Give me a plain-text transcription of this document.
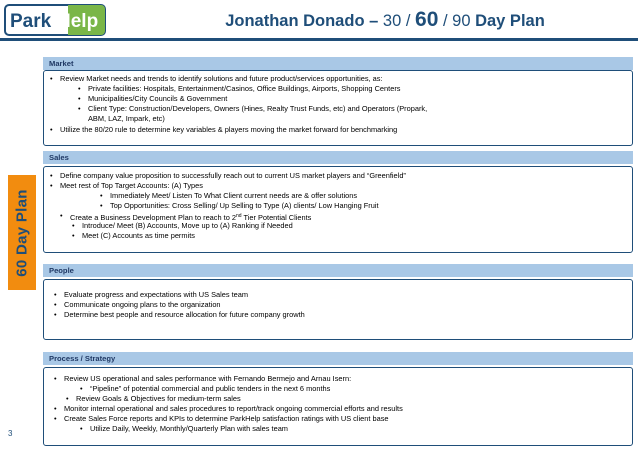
Park Help	Jonathan Donado – 30 / 60 / 90 Day Plan
60 Day Plan
Market
• Review Market needs and trends to identify solutions and future product/services opportunities, as:
• Private facilities: Hospitals, Entertainment/Casinos, Office Buildings, Airports, Shopping Centers
• Municipalities/City Councils & Government
• Client Type: Construction/Developers, Owners (Hines, Realty Trust Funds, etc) and Operators (Propark,
ABM, LAZ, Impark, etc)
• Utilize the 80/20 rule to determine key variables & players moving the market forward for benchmarking
Sales
• Define company value proposition to successfully reach out to current US market players and “Greenfield”
• Meet rest of Top Target Accounts: (A) Types
• Immediately Meet/ Listen To What Client current needs are & offer solutions
• Top Opportunities: Cross Selling/ Up Selling to Type (A) clients/ Low Hanging Fruit
• Create a Business Development Plan to reach to 2nd Tier Potential Clients
• Introduce/ Meet (B) Accounts, Move up to (A) Ranking if Needed
• Meet (C) Accounts as time permits
People
• Evaluate progress and expectations with US Sales team
• Communicate ongoing plans to the organization
• Determine best people and resource allocation for future company growth
Process / Strategy
• Review US operational and sales performance with Fernando Bermejo and Arnau Isern:
• “Pipeline” of potential commercial and public tenders in the next 6 months
• Review Goals & Objectives for medium-term sales
• Monitor internal operational and sales procedures to report/track ongoing commercial efforts and results
• Create Sales Force reports and KPIs to determine ParkHelp satisfaction ratings with US client base
• Utilize Daily, Weekly, Monthly/Quarterly Plan with sales team
3
